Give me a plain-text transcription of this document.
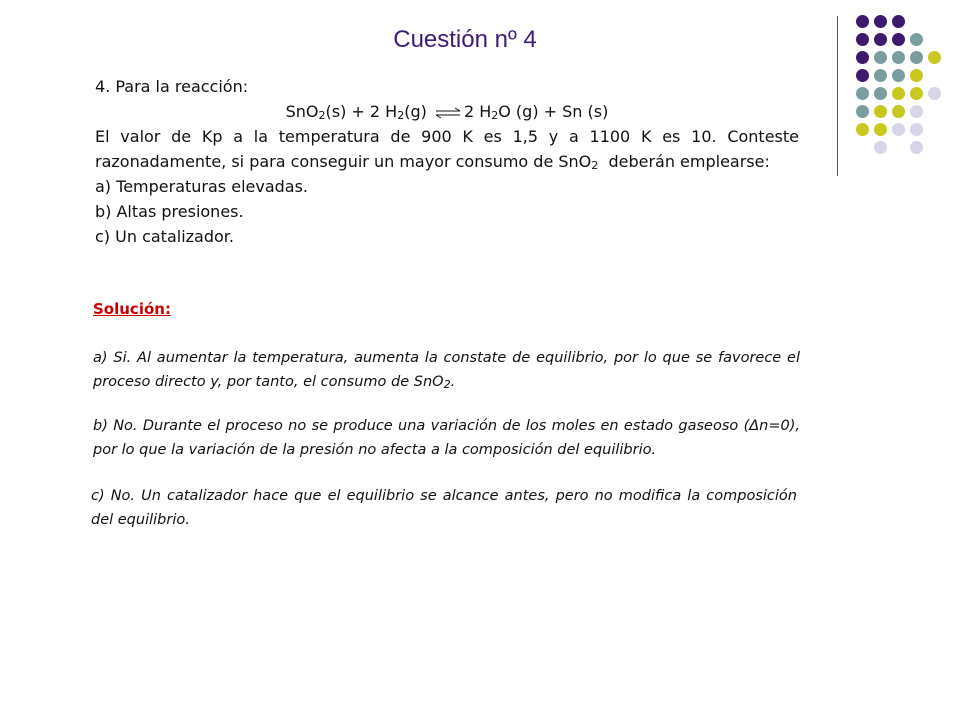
Cuestión nº 4

4. Para la reacción:

SnO$_2$(s) + 2 $H_2(g)$ ⇌ 2 $H_2O$ (g) + Sn (s)

El valor de Kp a la temperatura de 900 K es 1,5 y a 1100 K es 10. Conteste razonadamente, si para conseguir un mayor consumo de SnO$_2$  deberán emplearse:

a) Temperaturas elevadas.

b) Altas presiones.

c) Un catalizador.

Solución:

a) Si. Al aumentar la temperatura, aumenta la constate de equilibrio, por lo que se favorece el proceso directo y, por tanto, el consumo de SnO$_2$.

b) No. Durante el proceso no se produce una variación de los moles en estado gaseoso (Δn=0), por lo que la variación de la presión no afecta a la composición del equilibrio.

c) No. Un catalizador hace que el equilibrio se alcance antes, pero no modifica la composición del equilibrio.
